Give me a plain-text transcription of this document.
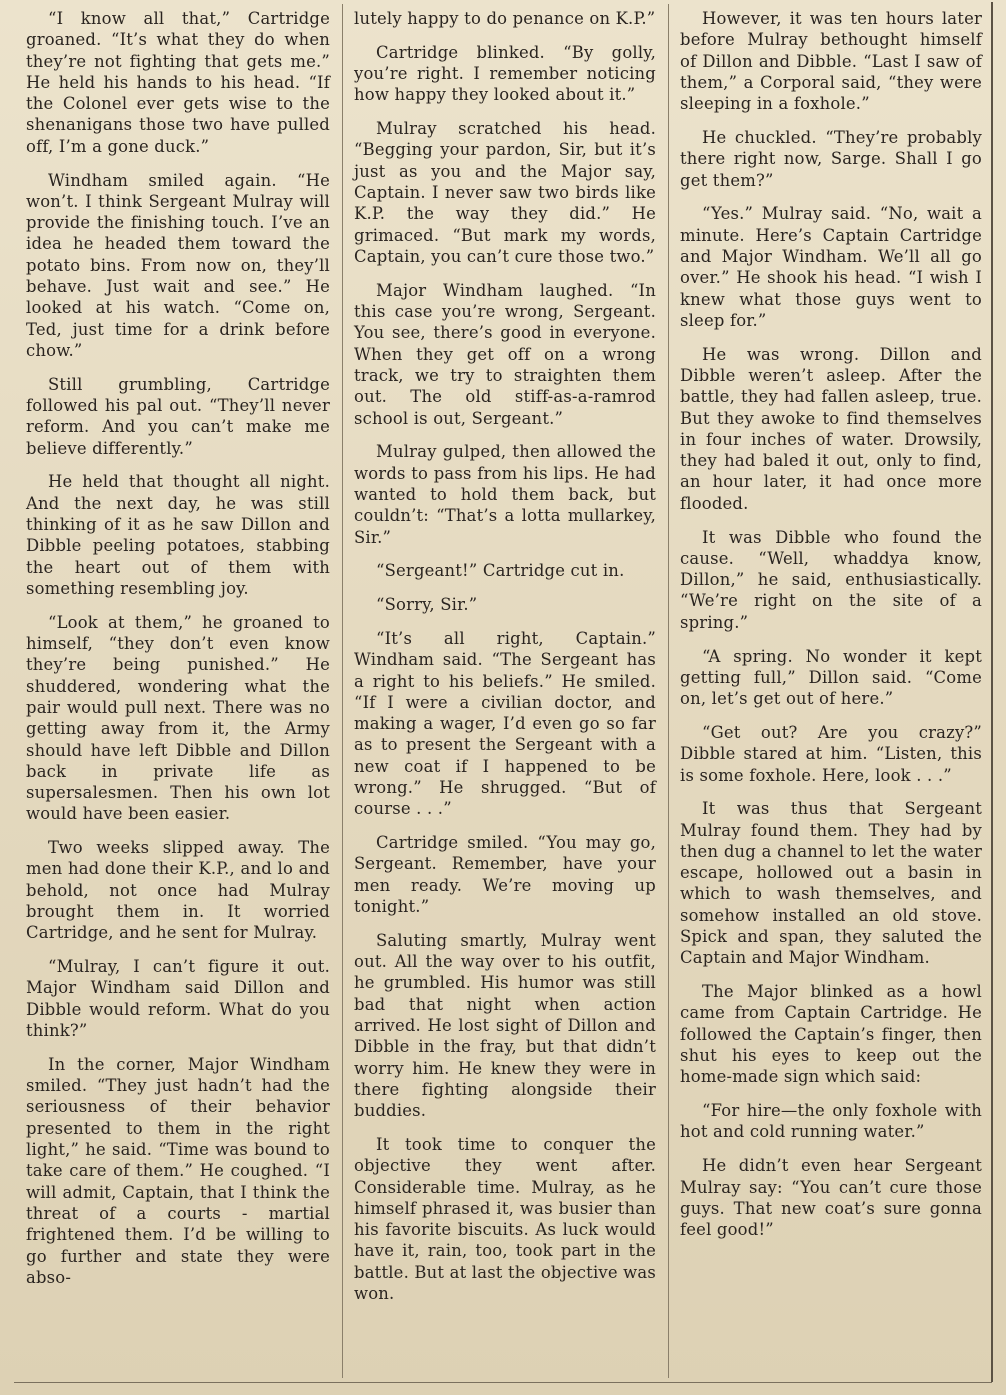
“I know all that,” Cartridge groaned. “It’s what they do when they’re not fighting that gets me.” He held his hands to his head. “If the Colonel ever gets wise to the shenanigans those two have pulled off, I’m a gone duck.”

Windham smiled again. “He won’t. I think Sergeant Mulray will provide the finishing touch. I’ve an idea he headed them toward the potato bins. From now on, they’ll behave. Just wait and see.” He looked at his watch. “Come on, Ted, just time for a drink before chow.”

Still grumbling, Cartridge followed his pal out. “They’ll never reform. And you can’t make me believe differently.”

He held that thought all night. And the next day, he was still thinking of it as he saw Dillon and Dibble peeling potatoes, stabbing the heart out of them with something resembling joy.

“Look at them,” he groaned to himself, “they don’t even know they’re being punished.” He shuddered, wondering what the pair would pull next. There was no getting away from it, the Army should have left Dibble and Dillon back in private life as supersalesmen. Then his own lot would have been easier.

Two weeks slipped away. The men had done their K.P., and lo and behold, not once had Mulray brought them in. It worried Cartridge, and he sent for Mulray.

“Mulray, I can’t figure it out. Major Windham said Dillon and Dibble would reform. What do you think?”

In the corner, Major Windham smiled. “They just hadn’t had the seriousness of their behavior presented to them in the right light,” he said. “Time was bound to take care of them.” He coughed. “I will admit, Captain, that I think the threat of a courts - martial frightened them. I’d be willing to go further and state they were abso-

lutely happy to do penance on K.P.”

Cartridge blinked. “By golly, you’re right. I remember noticing how happy they looked about it.”

Mulray scratched his head. “Begging your pardon, Sir, but it’s just as you and the Major say, Captain. I never saw two birds like K.P. the way they did.” He grimaced. “But mark my words, Captain, you can’t cure those two.”

Major Windham laughed. “In this case you’re wrong, Sergeant. You see, there’s good in everyone. When they get off on a wrong track, we try to straighten them out. The old stiff-as-a-ramrod school is out, Sergeant.”

Mulray gulped, then allowed the words to pass from his lips. He had wanted to hold them back, but couldn’t: “That’s a lotta mullarkey, Sir.”

“Sergeant!” Cartridge cut in.

“Sorry, Sir.”

“It’s all right, Captain.” Windham said. “The Sergeant has a right to his beliefs.” He smiled. “If I were a civilian doctor, and making a wager, I’d even go so far as to present the Sergeant with a new coat if I happened to be wrong.” He shrugged. “But of course . . .”

Cartridge smiled. “You may go, Sergeant. Remember, have your men ready. We’re moving up tonight.”

Saluting smartly, Mulray went out. All the way over to his outfit, he grumbled. His humor was still bad that night when action arrived. He lost sight of Dillon and Dibble in the fray, but that didn’t worry him. He knew they were in there fighting alongside their buddies.

It took time to conquer the objective they went after. Considerable time. Mulray, as he himself phrased it, was busier than his favorite biscuits. As luck would have it, rain, too, took part in the battle. But at last the objective was won.

However, it was ten hours later before Mulray bethought himself of Dillon and Dibble. “Last I saw of them,” a Corporal said, “they were sleeping in a foxhole.”

He chuckled. “They’re probably there right now, Sarge. Shall I go get them?”

“Yes.” Mulray said. “No, wait a minute. Here’s Captain Cartridge and Major Windham. We’ll all go over.” He shook his head. “I wish I knew what those guys went to sleep for.”

He was wrong. Dillon and Dibble weren’t asleep. After the battle, they had fallen asleep, true. But they awoke to find themselves in four inches of water. Drowsily, they had baled it out, only to find, an hour later, it had once more flooded.

It was Dibble who found the cause. “Well, whaddya know, Dillon,” he said, enthusiastically. “We’re right on the site of a spring.”

“A spring. No wonder it kept getting full,” Dillon said. “Come on, let’s get out of here.”

“Get out? Are you crazy?” Dibble stared at him. “Listen, this is some foxhole. Here, look . . .”

It was thus that Sergeant Mulray found them. They had by then dug a channel to let the water escape, hollowed out a basin in which to wash themselves, and somehow installed an old stove. Spick and span, they saluted the Captain and Major Windham.

The Major blinked as a howl came from Captain Cartridge. He followed the Captain’s finger, then shut his eyes to keep out the home-made sign which said:

“For hire—the only foxhole with hot and cold running water.”

He didn’t even hear Sergeant Mulray say: “You can’t cure those guys. That new coat’s sure gonna feel good!”
